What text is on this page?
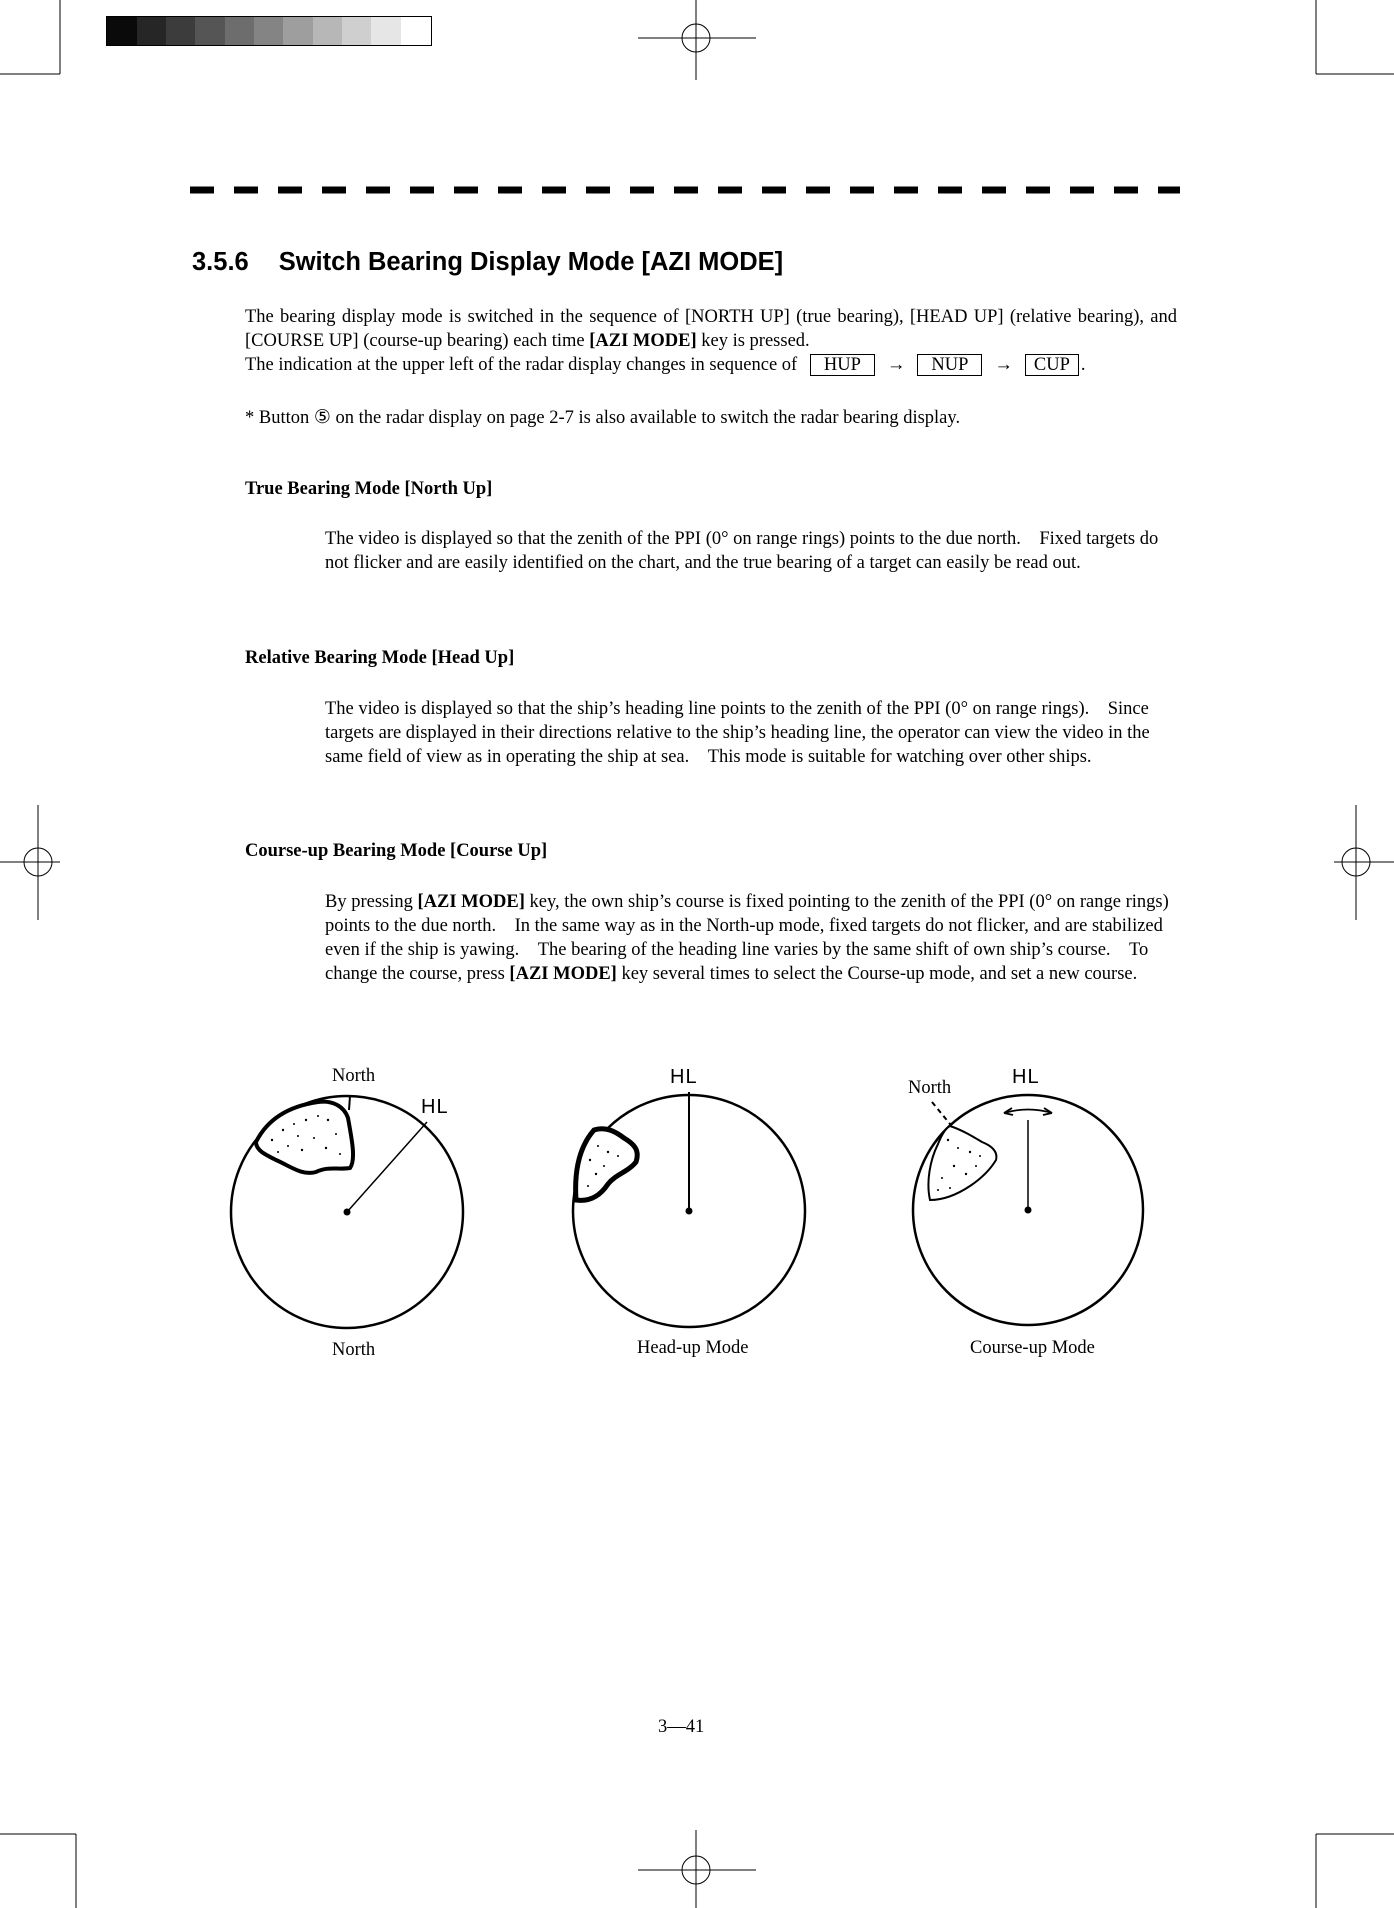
3.5.6 Switch Bearing Display Mode [AZI MODE]
The bearing display mode is switched in the sequence of [NORTH UP] (true bearing), [HEAD UP] (relative bearing), and [COURSE UP] (course-up bearing) each time [AZI MODE] key is pressed.
The indication at the upper left of the radar display changes in sequence of HUP → NUP → CUP .
* Button ⑤ on the radar display on page 2-7 is also available to switch the radar bearing display.
True Bearing Mode [North Up]
The video is displayed so that the zenith of the PPI (0° on range rings) points to the due north. Fixed targets do not flicker and are easily identified on the chart, and the true bearing of a target can easily be read out.
Relative Bearing Mode [Head Up]
The video is displayed so that the ship’s heading line points to the zenith of the PPI (0° on range rings). Since targets are displayed in their directions relative to the ship’s heading line, the operator can view the video in the same field of view as in operating the ship at sea. This mode is suitable for watching over other ships.
Course-up Bearing Mode [Course Up]
By pressing [AZI MODE] key, the own ship’s course is fixed pointing to the zenith of the PPI (0° on range rings) points to the due north. In the same way as in the North-up mode, fixed targets do not flicker, and are stabilized even if the ship is yawing. The bearing of the heading line varies by the same shift of own ship’s course. To change the course, press [AZI MODE] key several times to select the Course-up mode, and set a new course.
North
HL
North
HL
Head-up Mode
North	HL
Course-up Mode
3—41
